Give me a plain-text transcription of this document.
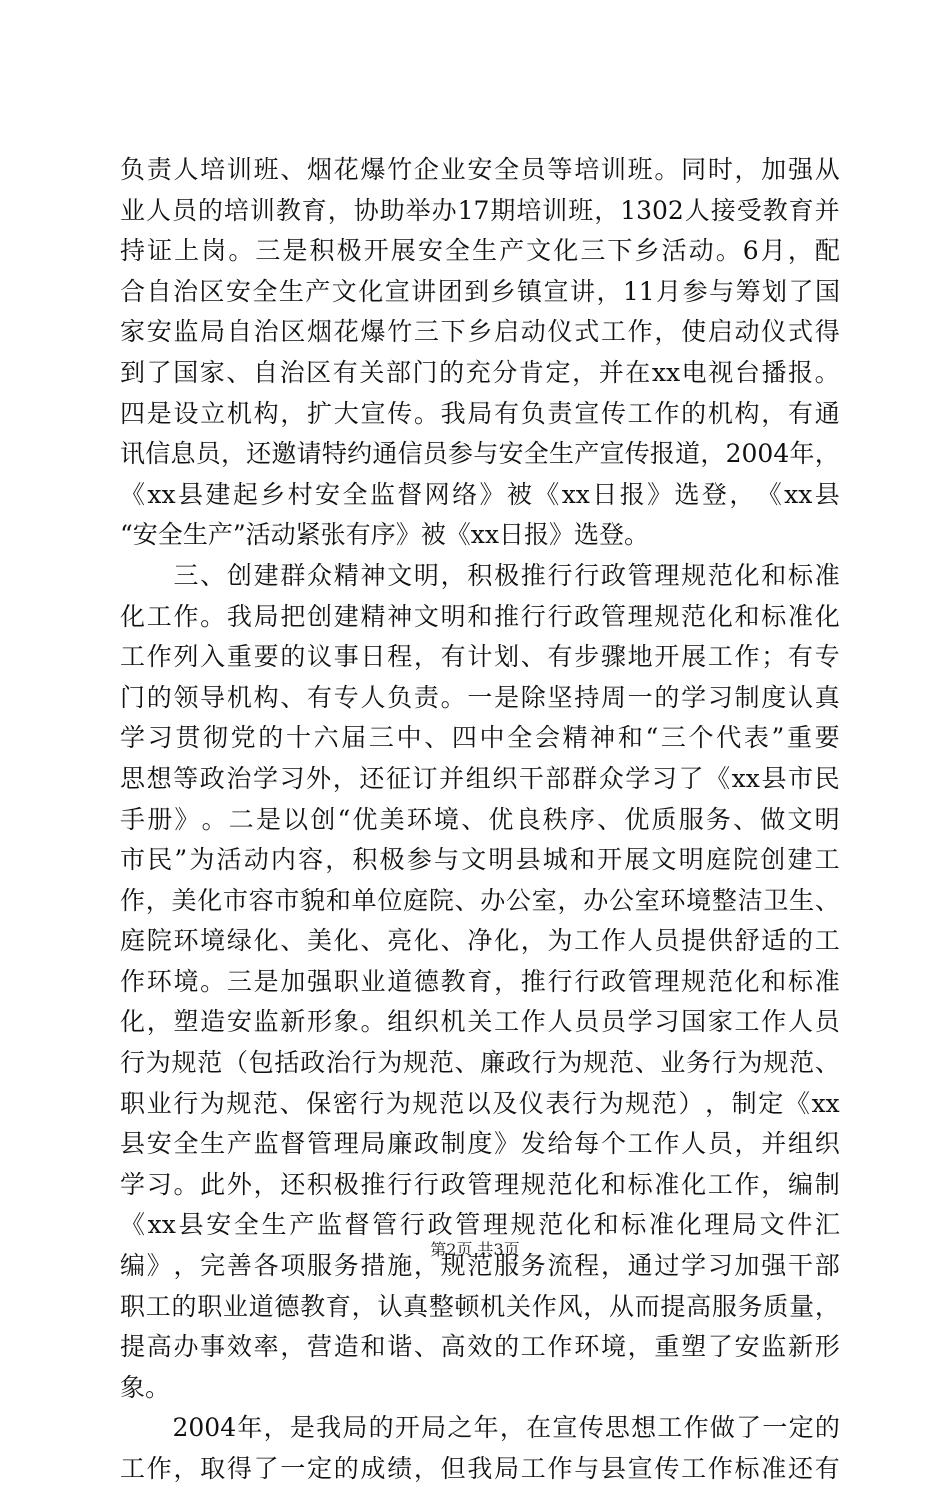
负 责 人 培 训 班 、 烟 花 爆 竹 企 业 安 全 员 等 培 训 班 。 同 时 ， 加 强 从
业 人 员 的 培 训 教 育 ， 协 助 举 办 17 期 培 训 班 ， 1302 人 接 受 教 育 并
持 证 上 岗 。 三 是 积 极 开 展 安 全 生 产 文 化 三 下 乡 活 动 。 6 月 ， 配
合 自 治 区 安 全 生 产 文 化 宣 讲 团 到 乡 镇 宣 讲 ， 11 月 参 与 筹 划 了 国
家 安 监 局 自 治 区 烟 花 爆 竹 三 下 乡 启 动 仪 式 工 作 ， 使 启 动 仪 式 得
到 了 国 家 、 自 治 区 有 关 部 门 的 充 分 肯 定 ， 并 在 xx 电 视 台 播 报 。
四 是 设 立 机 构 ， 扩 大 宣 传 。 我 局 有 负 责 宣 传 工 作 的 机 构 ， 有 通
讯 信 息 员 ， 还 邀 请 特 约 通 信 员 参 与 安 全 生 产 宣 传 报 道 ， 2004 年 ，
《 xx 县 建 起 乡 村 安 全 监 督 网 络 》 被 《 xx 日 报 》 选 登 ， 《 xx 县
“ 安 全 生 产 ” 活 动 紧 张 有 序 》 被 《 xx 日 报 》 选 登 。

三 、 创 建 群 众 精 神 文 明 ， 积 极 推 行 行 政 管 理 规 范 化 和 标 准
化 工 作 。 我 局 把 创 建 精 神 文 明 和 推 行 行 政 管 理 规 范 化 和 标 准 化
工 作 列 入 重 要 的 议 事 日 程 ， 有 计 划 、 有 步 骤 地 开 展 工 作 ； 有 专
门 的 领 导 机 构 、 有 专 人 负 责 。 一 是 除 坚 持 周 一 的 学 习 制 度 认 真
学 习 贯 彻 党 的 十 六 届 三 中 、 四 中 全 会 精 神 和 “ 三 个 代 表 ” 重 要
思 想 等 政 治 学 习 外 ， 还 征 订 并 组 织 干 部 群 众 学 习 了 《 xx 县 市 民
手 册 》 。 二 是 以 创 “ 优 美 环 境 、 优 良 秩 序 、 优 质 服 务 、 做 文 明
市 民 ” 为 活 动 内 容 ， 积 极 参 与 文 明 县 城 和 开 展 文 明 庭 院 创 建 工
作 ， 美 化 市 容 市 貌 和 单 位 庭 院 、 办 公 室 ， 办 公 室 环 境 整 洁 卫 生 、
庭 院 环 境 绿 化 、 美 化 、 亮 化 、 净 化 ， 为 工 作 人 员 提 供 舒 适 的 工
作 环 境 。 三 是 加 强 职 业 道 德 教 育 ， 推 行 行 政 管 理 规 范 化 和 标 准
化 ， 塑 造 安 监 新 形 象 。 组 织 机 关 工 作 人 员 员 学 习 国 家 工 作 人 员
行 为 规 范 （ 包 括 政 治 行 为 规 范 、 廉 政 行 为 规 范 、 业 务 行 为 规 范 、
职 业 行 为 规 范 、 保 密 行 为 规 范 以 及 仪 表 行 为 规 范 ） ， 制 定 《 xx
县 安 全 生 产 监 督 管 理 局 廉 政 制 度 》 发 给 每 个 工 作 人 员 ， 并 组 织
学 习 。 此 外 ， 还 积 极 推 行 行 政 管 理 规 范 化 和 标 准 化 工 作 ， 编 制
《 xx 县 安 全 生 产 监 督 管 行 政 管 理 规 范 化 和 标 准 化 理 局 文 件 汇
编 》 ， 完 善 各 项 服 务 措 施 ， 规 范 服 务 流 程 ， 通 过 学 习 加 强 干 部
职 工 的 职 业 道 德 教 育 ， 认 真 整 顿 机 关 作 风 ， 从 而 提 高 服 务 质 量 ，
提 高 办 事 效 率 ， 营 造 和 谐 、 高 效 的 工 作 环 境 ， 重 塑 了 安 监 新 形
象 。

2004 年 ， 是 我 局 的 开 局 之 年 ， 在 宣 传 思 想 工 作 做 了 一 定 的
工 作 ， 取 得 了 一 定 的 成 绩 ， 但 我 局 工 作 与 县 宣 传 工 作 标 准 还 有
第2页 共3页
